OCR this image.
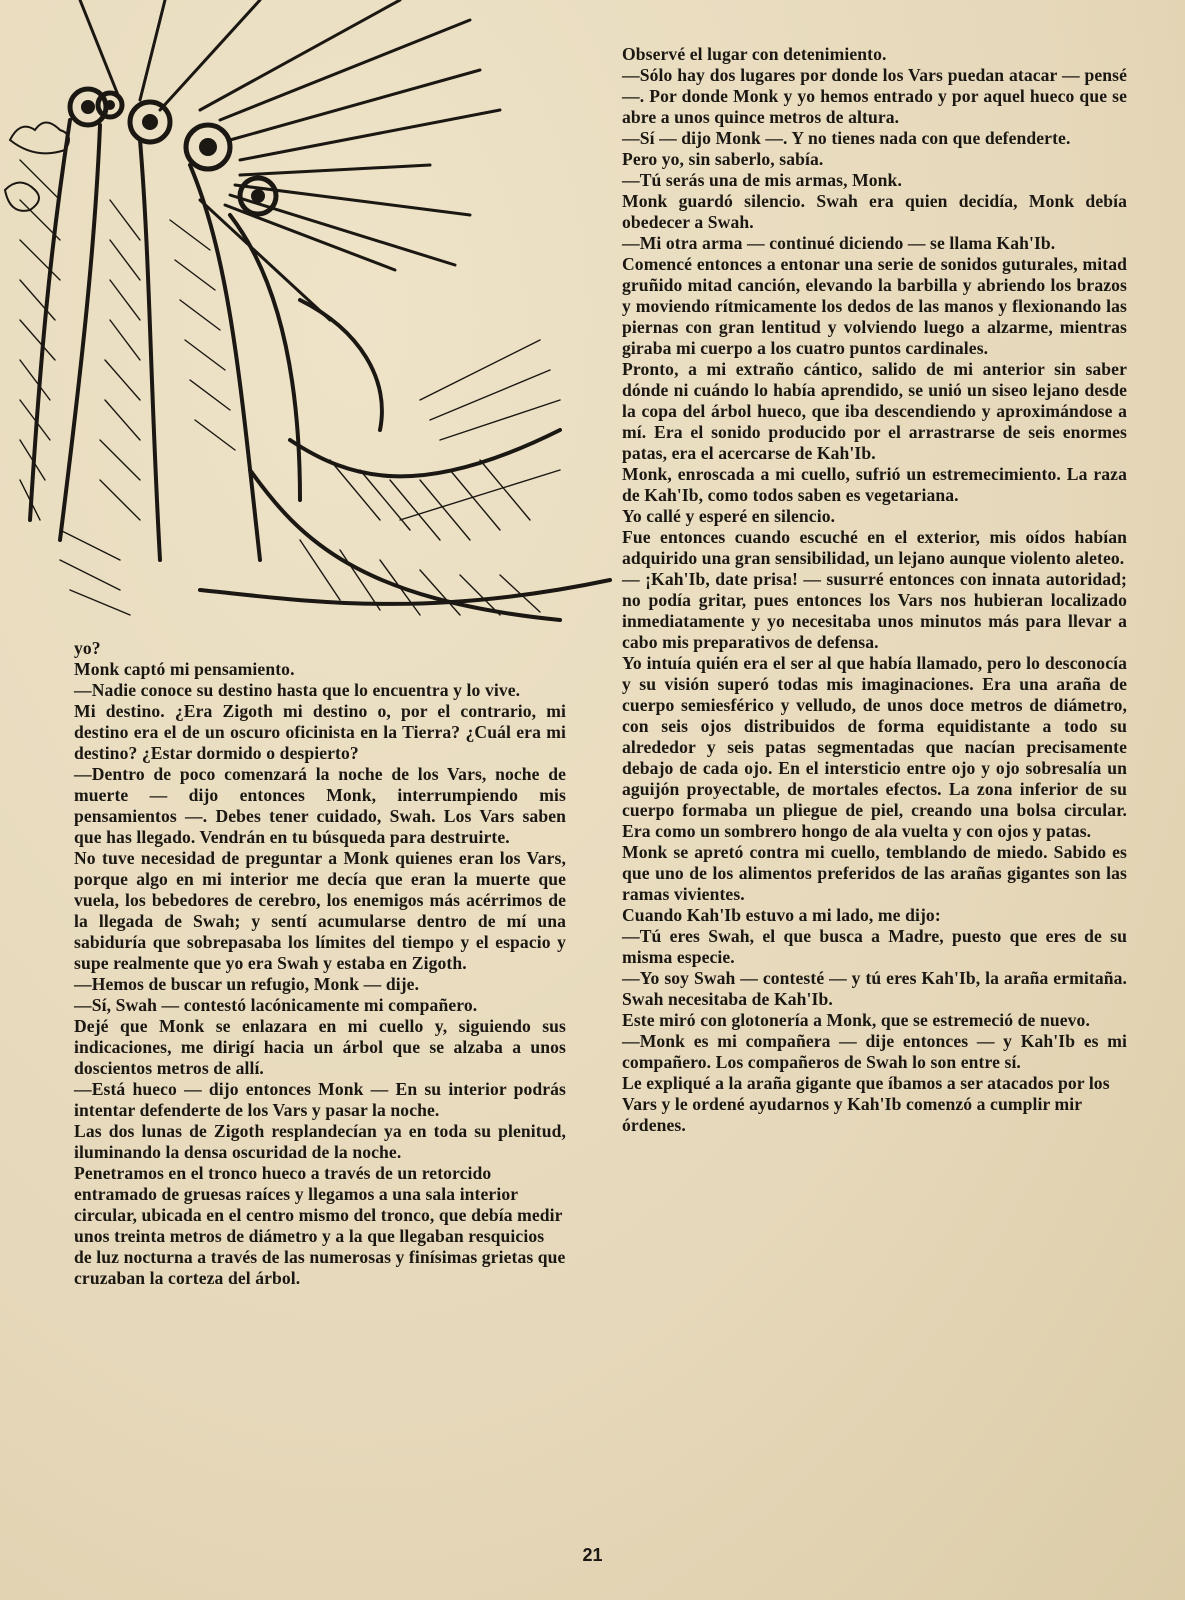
yo?

Monk captó mi pensamiento.

—Nadie conoce su destino hasta que lo encuentra y lo vive.

Mi destino. ¿Era Zigoth mi destino o, por el contrario, mi destino era el de un oscuro oficinista en la Tierra? ¿Cuál era mi destino? ¿Estar dormido o despierto?

—Dentro de poco comenzará la noche de los Vars, noche de muerte — dijo entonces Monk, interrumpiendo mis pensamientos —. Debes tener cuidado, Swah. Los Vars saben que has llegado. Vendrán en tu búsqueda para destruirte.

No tuve necesidad de preguntar a Monk quienes eran los Vars, porque algo en mi interior me decía que eran la muerte que vuela, los bebedores de cerebro, los enemigos más acérrimos de la llegada de Swah; y sentí acumularse dentro de mí una sabiduría que sobrepasaba los límites del tiempo y el espacio y supe realmente que yo era Swah y estaba en Zigoth.

—Hemos de buscar un refugio, Monk — dije.

—Sí, Swah — contestó lacónicamente mi compañero.

Dejé que Monk se enlazara en mi cuello y, siguiendo sus indicaciones, me dirigí hacia un árbol que se alzaba a unos doscientos metros de allí.

—Está hueco — dijo entonces Monk — En su interior podrás intentar defenderte de los Vars y pasar la noche.

Las dos lunas de Zigoth resplandecían ya en toda su plenitud, iluminando la densa oscuridad de la noche.

Penetramos en el tronco hueco a través de un retorcido entramado de gruesas raíces y llegamos a una sala interior circular, ubicada en el centro mismo del tronco, que debía medir unos treinta metros de diámetro y a la que llegaban resquicios de luz nocturna a través de las numerosas y finísimas grietas que cruzaban la corteza del árbol.

Observé el lugar con detenimiento.

—Sólo hay dos lugares por donde los Vars puedan atacar — pensé —. Por donde Monk y yo hemos entrado y por aquel hueco que se abre a unos quince metros de altura.

—Sí — dijo Monk —. Y no tienes nada con que defenderte.

Pero yo, sin saberlo, sabía.

—Tú serás una de mis armas, Monk.

Monk guardó silencio. Swah era quien decidía, Monk debía obedecer a Swah.

—Mi otra arma — continué diciendo — se llama Kah'Ib.

Comencé entonces a entonar una serie de sonidos guturales, mitad gruñido mitad canción, elevando la barbilla y abriendo los brazos y moviendo rítmicamente los dedos de las manos y flexionando las piernas con gran lentitud y volviendo luego a alzarme, mientras giraba mi cuerpo a los cuatro puntos cardinales.

Pronto, a mi extraño cántico, salido de mi anterior sin saber dónde ni cuándo lo había aprendido, se unió un siseo lejano desde la copa del árbol hueco, que iba descendiendo y aproximándose a mí. Era el sonido producido por el arrastrarse de seis enormes patas, era el acercarse de Kah'Ib.

Monk, enroscada a mi cuello, sufrió un estremecimiento. La raza de Kah'Ib, como todos saben es vegetariana.

Yo callé y esperé en silencio.

Fue entonces cuando escuché en el exterior, mis oídos habían adquirido una gran sensibilidad, un lejano aunque violento aleteo.

— ¡Kah'Ib, date prisa! — susurré entonces con innata autoridad; no podía gritar, pues entonces los Vars nos hubieran localizado inmediatamente y yo necesitaba unos minutos más para llevar a cabo mis preparativos de defensa.

Yo intuía quién era el ser al que había llamado, pero lo desconocía y su visión superó todas mis imaginaciones. Era una araña de cuerpo semiesférico y velludo, de unos doce metros de diámetro, con seis ojos distribuidos de forma equidistante a todo su alrededor y seis patas segmentadas que nacían precisamente debajo de cada ojo. En el intersticio entre ojo y ojo sobresalía un aguijón proyectable, de mortales efectos. La zona inferior de su cuerpo formaba un pliegue de piel, creando una bolsa circular. Era como un sombrero hongo de ala vuelta y con ojos y patas.

Monk se apretó contra mi cuello, temblando de miedo. Sabido es que uno de los alimentos preferidos de las arañas gigantes son las ramas vivientes.

Cuando Kah'Ib estuvo a mi lado, me dijo:

—Tú eres Swah, el que busca a Madre, puesto que eres de su misma especie.

—Yo soy Swah — contesté — y tú eres Kah'Ib, la araña ermitaña. Swah necesitaba de Kah'Ib.

Este miró con glotonería a Monk, que se estremeció de nuevo.

—Monk es mi compañera — dije entonces — y Kah'Ib es mi compañero. Los compañeros de Swah lo son entre sí.

Le expliqué a la araña gigante que íbamos a ser atacados por los Vars y le ordené ayudarnos y Kah'Ib comenzó a cumplir mir órdenes.

21
